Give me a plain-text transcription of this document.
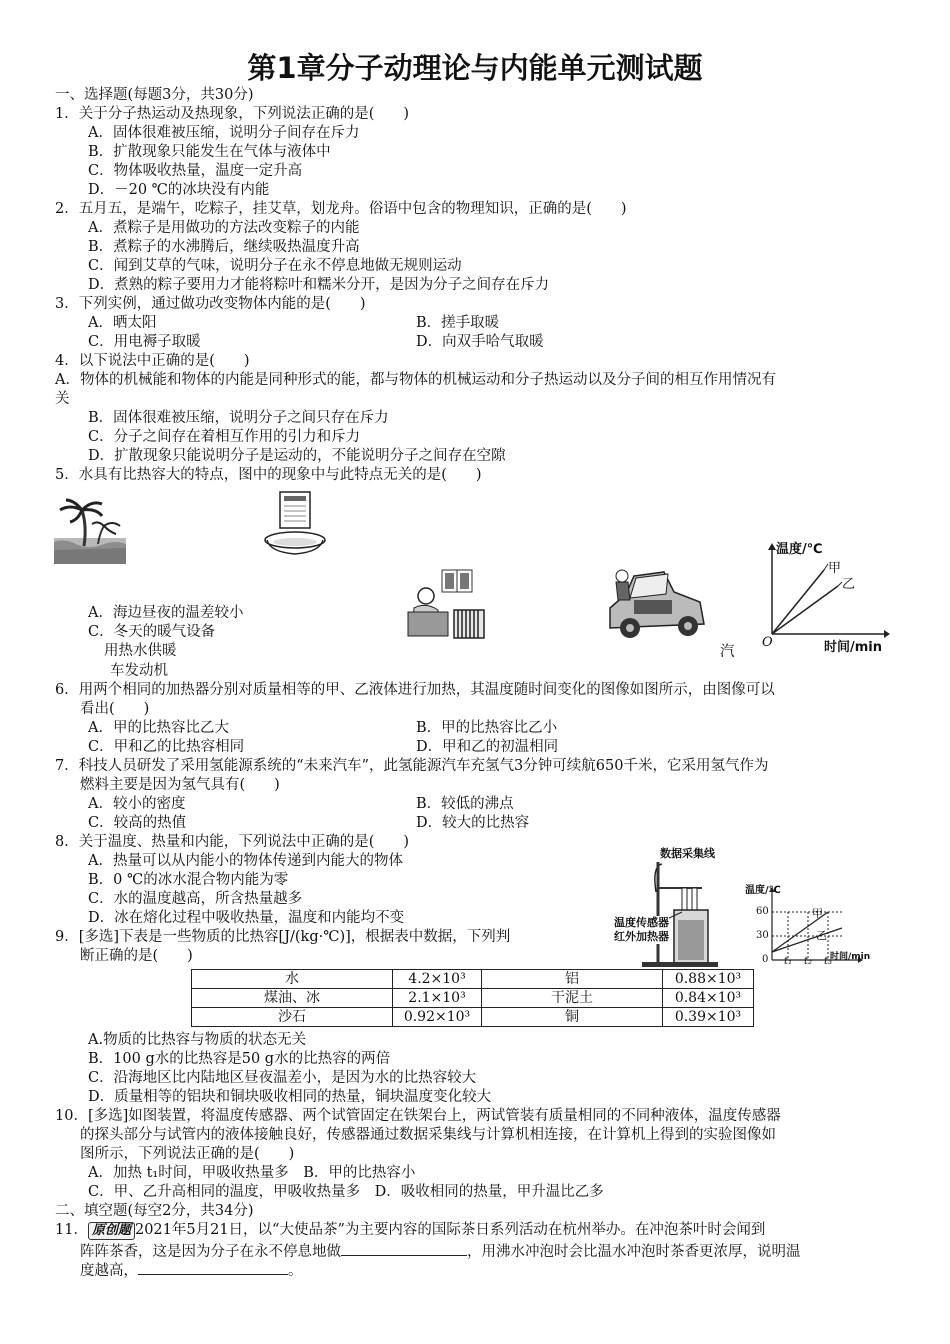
第1章分子动理论与内能单元测试题
一、选择题(每题3分，共30分)
1．关于分子热运动及热现象，下列说法正确的是(　　)
A．固体很难被压缩，说明分子间存在斥力
B．扩散现象只能发生在气体与液体中
C．物体吸收热量，温度一定升高
D．－20 ℃的冰块没有内能
2．五月五，是端午，吃粽子，挂艾草，划龙舟。俗语中包含的物理知识，正确的是(　　)
A．煮粽子是用做功的方法改变粽子的内能
B．煮粽子的水沸腾后，继续吸热温度升高
C．闻到艾草的气味，说明分子在永不停息地做无规则运动
D．煮熟的粽子要用力才能将粽叶和糯米分开，是因为分子之间存在斥力
3．下列实例，通过做功改变物体内能的是(　　)
A．晒太阳	B．搓手取暖
C．用电褥子取暖	D．向双手哈气取暖
4．以下说法中正确的是(　　)
A．物体的机械能和物体的内能是同种形式的能，都与物体的机械运动和分子热运动以及分子间的相互作用情况有
关
B．固体很难被压缩，说明分子之间只存在斥力
C．分子之间存在着相互作用的引力和斥力
D．扩散现象只能说明分子是运动的，不能说明分子之间存在空隙
5．水具有比热容大的特点，图中的现象中与此特点无关的是(　　)
温度/℃
甲
乙
O	时间/min
A．海边昼夜的温差较小
C．冬天的暖气设备
用热水供暖	汽
车发动机
6．用两个相同的加热器分别对质量相等的甲、乙液体进行加热，其温度随时间变化的图像如图所示，由图像可以
看出(　　)
A．甲的比热容比乙大	B．甲的比热容比乙小
C．甲和乙的比热容相同	D．甲和乙的初温相同
7．科技人员研发了采用氢能源系统的“未来汽车”，此氢能源汽车充氢气3分钟可续航650千米，它采用氢气作为
燃料主要是因为氢气具有(　　)
A．较小的密度	B．较低的沸点
C．较高的热值	D．较大的比热容
8．关于温度、热量和内能，下列说法中正确的是(　　)
A．热量可以从内能小的物体传递到内能大的物体
B．0 ℃的冰水混合物内能为零
C．水的温度越高，所含热量越多
D．冰在熔化过程中吸收热量，温度和内能均不变
数据采集线
温度传感器
红外加热器
温度/℃
60
30
0
甲
乙
t₁ t₂ t₃
时间/min
9．[多选]下表是一些物质的比热容[J/(kg·℃)]，根据表中数据，下列判
断正确的是(　　)
水	4.2×10³	铝	0.88×10³
煤油、冰	2.1×10³	干泥土	0.84×10³
沙石	0.92×10³	铜	0.39×10³
A.物质的比热容与物质的状态无关
B．100 g水的比热容是50 g水的比热容的两倍
C．沿海地区比内陆地区昼夜温差小，是因为水的比热容较大
D．质量相等的铝块和铜块吸收相同的热量，铜块温度变化较大
10．[多选]如图装置，将温度传感器、两个试管固定在铁架台上，两试管装有质量相同的不同种液体，温度传感器
的探头部分与试管内的液体接触良好，传感器通过数据采集线与计算机相连接，在计算机上得到的实验图像如
图所示，下列说法正确的是(　　)
A．加热 t₁时间，甲吸收热量多　B．甲的比热容小
C．甲、乙升高相同的温度，甲吸收热量多　D．吸收相同的热量，甲升温比乙多
二、填空题(每空2分，共34分)
11． 原创题 2021年5月21日，以“大使品茶”为主要内容的国际茶日系列活动在杭州举办。在冲泡茶叶时会闻到
阵阵茶香，这是因为分子在永不停息地做	，用沸水冲泡时会比温水冲泡时茶香更浓厚，说明温
度越高，	。
